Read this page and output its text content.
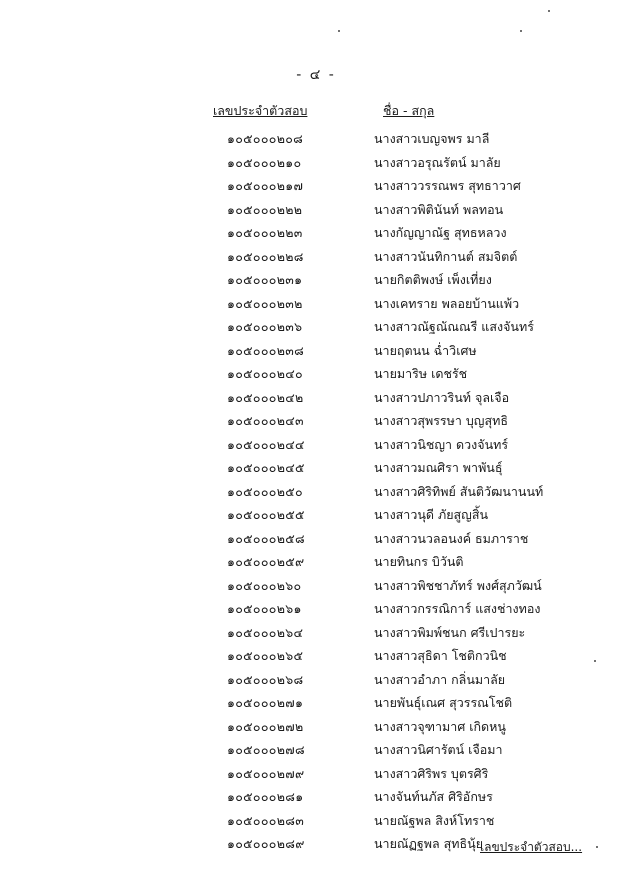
- ๔ -
เลขประจำตัวสอบ	ชื่อ - สกุล
๑๐๕๐๐๐๒๐๘	นางสาวเบญจพร มาลี
๑๐๕๐๐๐๒๑๐	นางสาวอรุณรัตน์ มาลัย
๑๐๕๐๐๐๒๑๗	นางสาววรรณพร สุทธาวาศ
๑๐๕๐๐๐๒๒๒	นางสาวพิตินันท์ พลทอน
๑๐๕๐๐๐๒๒๓	นางกัญญาณัฐ สุทธหลวง
๑๐๕๐๐๐๒๒๘	นางสาวนันทิกานต์ สมจิตต์
๑๐๕๐๐๐๒๓๑	นายกิตติพงษ์ เพ็งเที่ยง
๑๐๕๐๐๐๒๓๒	นางเคทราย พลอยบ้านแพ้ว
๑๐๕๐๐๐๒๓๖	นางสาวณัฐณัณณรี แสงจันทร์
๑๐๕๐๐๐๒๓๘	นายฤตนน ฉ่ำวิเศษ
๑๐๕๐๐๐๒๔๐	นายมาริษ เดชรัช
๑๐๕๐๐๐๒๔๒	นางสาวปภาวรินท์ จุลเจือ
๑๐๕๐๐๐๒๔๓	นางสาวสุพรรษา บุญสุทธิ
๑๐๕๐๐๐๒๔๔	นางสาวนิชญา ดวงจันทร์
๑๐๕๐๐๐๒๔๕	นางสาวมณศิรา พาพันธุ์
๑๐๕๐๐๐๒๕๐	นางสาวศิริทิพย์ สันติวัฒนานนท์
๑๐๕๐๐๐๒๕๕	นางสาวนุดี ภัยสูญสิ้น
๑๐๕๐๐๐๒๕๘	นางสาวนวลอนงค์ ธมภาราช
๑๐๕๐๐๐๒๕๙	นายทินกร บิวันติ
๑๐๕๐๐๐๒๖๐	นางสาวพิชชาภัทร์ พงศ์สุภวัฒน์
๑๐๕๐๐๐๒๖๑	นางสาวกรรณิการ์ แสงช่างทอง
๑๐๕๐๐๐๒๖๔	นางสาวพิมพ์ชนก ศรีเปารยะ
๑๐๕๐๐๐๒๖๕	นางสาวสุธิดา โชติกวนิช
๑๐๕๐๐๐๒๖๘	นางสาวอำภา กลิ่นมาลัย
๑๐๕๐๐๐๒๗๑	นายพันธุ์เณศ สุวรรณโชติ
๑๐๕๐๐๐๒๗๒	นางสาวจุฑามาศ เกิดหนู
๑๐๕๐๐๐๒๗๘	นางสาวนิศารัตน์ เจือมา
๑๐๕๐๐๐๒๗๙	นางสาวศิริพร บุตรศิริ
๑๐๕๐๐๐๒๘๑	นางจันท์นภัส ศิริอักษร
๑๐๕๐๐๐๒๘๓	นายณัฐพล สิงห์โทราช
๑๐๕๐๐๐๒๘๙	นายณัฏฐพล สุทธินุ้ย
เลขประจำตัวสอบ...
